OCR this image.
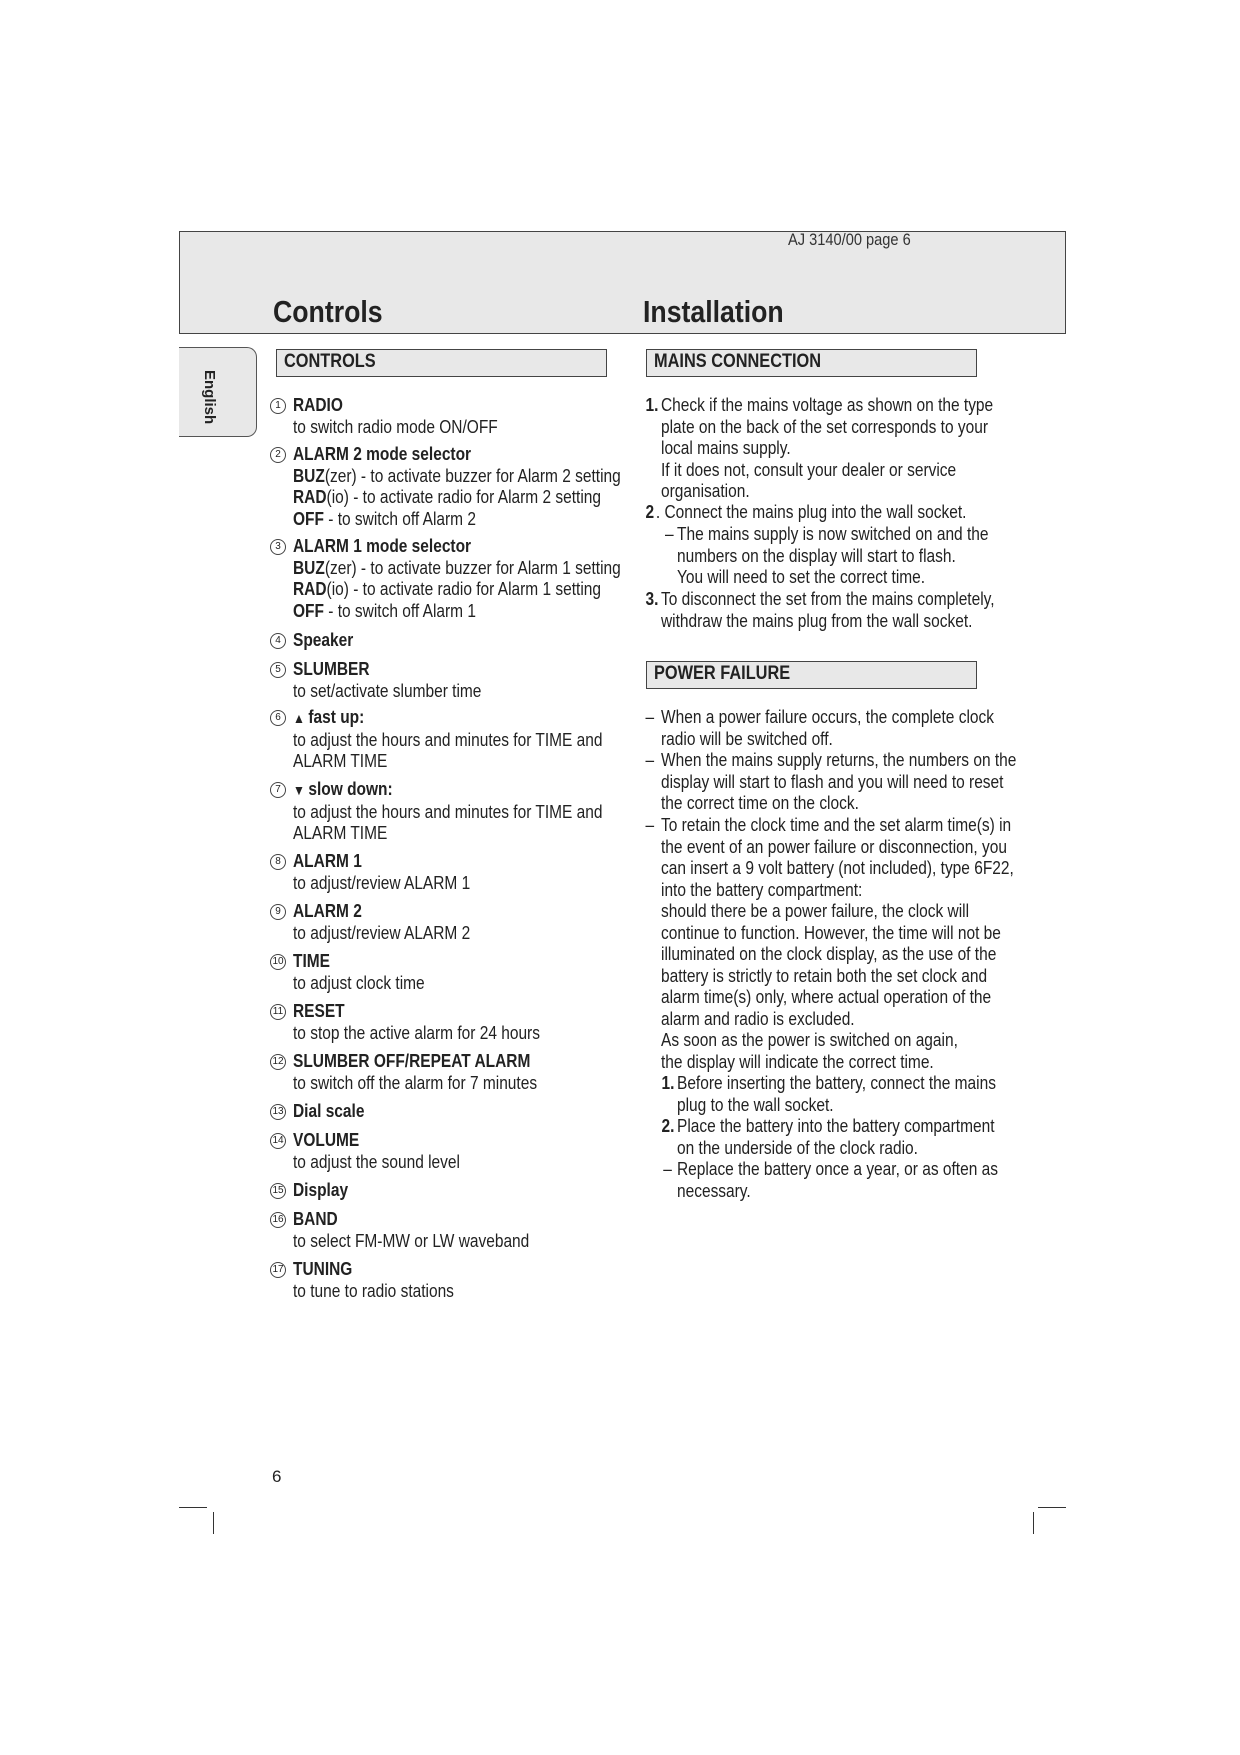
AJ 3140/00 page 6
Controls	Installation
English
CONTROLS
1 RADIO
to switch radio mode ON/OFF
2 ALARM 2 mode selector
BUZ(zer) - to activate buzzer for Alarm 2 setting
RAD(io) - to activate radio for Alarm 2 setting
OFF - to switch off Alarm 2
3 ALARM 1 mode selector
BUZ(zer) - to activate buzzer for Alarm 1 setting
RAD(io) - to activate radio for Alarm 1 setting
OFF - to switch off Alarm 1
4 Speaker
5 SLUMBER
to set/activate slumber time
6 ▲ fast up:
to adjust the hours and minutes for TIME and
ALARM TIME
7 ▼ slow down:
to adjust the hours and minutes for TIME and
ALARM TIME
8 ALARM 1
to adjust/review ALARM 1
9 ALARM 2
to adjust/review ALARM 2
10 TIME
to adjust clock time
11 RESET
to stop the active alarm for 24 hours
12 SLUMBER OFF/REPEAT ALARM
to switch off the alarm for 7 minutes
13 Dial scale
14 VOLUME
to adjust the sound level
15 Display
16 BAND
to select FM-MW or LW waveband
17 TUNING
to tune to radio stations
MAINS CONNECTION
1. Check if the mains voltage as shown on the type
plate on the back of the set corresponds to your
local mains supply.
If it does not, consult your dealer or service
organisation.
2 . Connect the mains plug into the wall socket.
– The mains supply is now switched on and the
numbers on the display will start to flash.
You will need to set the correct time.
3. To disconnect the set from the mains completely,
withdraw the mains plug from the wall socket.
POWER FAILURE
– When a power failure occurs, the complete clock
radio will be switched off.
– When the mains supply returns, the numbers on the
display will start to flash and you will need to reset
the correct time on the clock.
– To retain the clock time and the set alarm time(s) in
the event of an power failure or disconnection, you
can insert a 9 volt battery (not included), type 6F22,
into the battery compartment:
should there be a power failure, the clock will
continue to function. However, the time will not be
illuminated on the clock display, as the use of the
battery is strictly to retain both the set clock and
alarm time(s) only, where actual operation of the
alarm and radio is excluded.
As soon as the power is switched on again,
the display will indicate the correct time.
1. Before inserting the battery, connect the mains
plug to the wall socket.
2. Place the battery into the battery compartment
on the underside of the clock radio.
– Replace the battery once a year, or as often as
necessary.
6
